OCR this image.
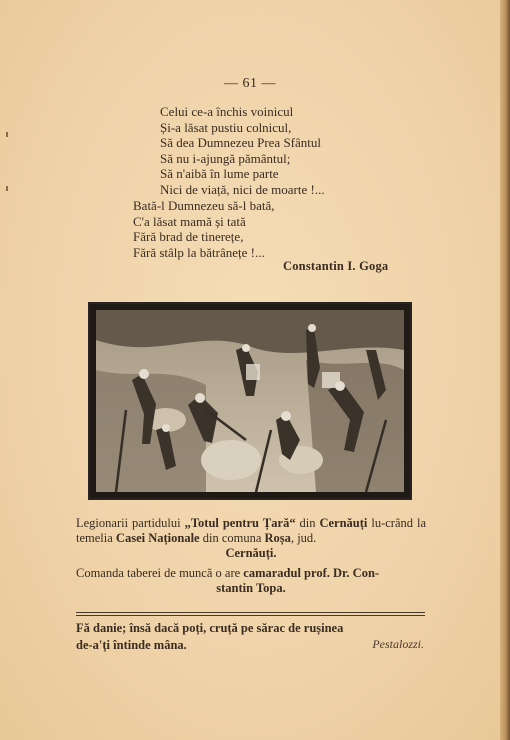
— 61 —
Celui ce-a închis voinicul
Și-a lăsat pustiu colnicul,
Să dea Dumnezeu Prea Sfântul
Să nu i-ajungă pământul;
Să n'aibă în lume parte
Nici de viață, nici de moarte !...
Bată-l Dumnezeu să-l bată,
C'a lăsat mamă și tată
Fără brad de tinerețe,
Fără stâlp la bătrânețe !...
Constantin I. Goga
Legionarii partidului „Totul pentru Țară“ din Cernăuți lu-crând la temelia Casei Naționale din comuna Roșa, jud.
Cernăuți.
Comanda taberei de muncă o are camaradul prof. Dr. Con-
stantin Topa.
Fă danie; însă dacă poți, cruță pe sărac de rușinea
de-a'ți întinde mâna.	Pestalozzi.
